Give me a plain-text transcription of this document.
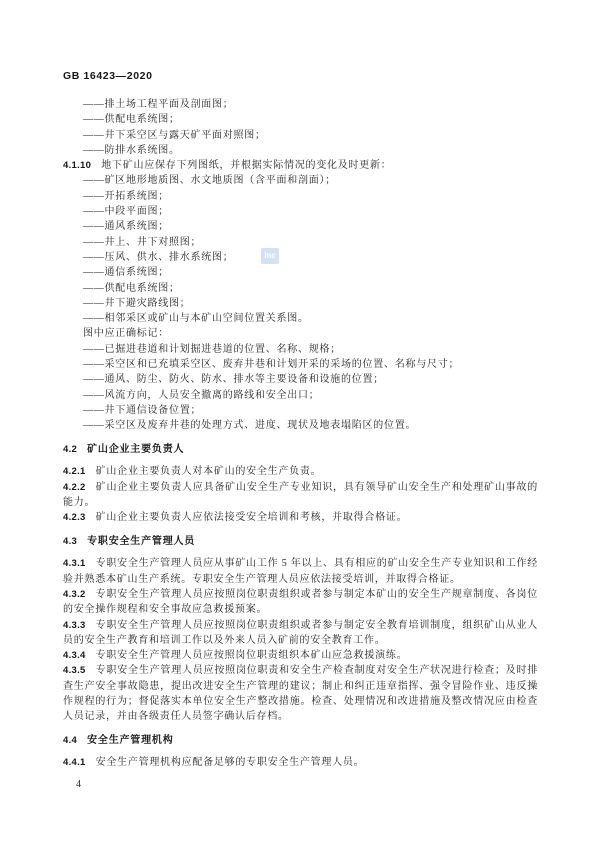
GB 16423—2020

——排土场工程平面及剖面图；

——供配电系统图；

——井下采空区与露天矿平面对照图；

——防排水系统图。

4.1.10 地下矿山应保存下列图纸，并根据实际情况的变化及时更新：

——矿区地形地质图、水文地质图（含平面和剖面）；

——开拓系统图；

——中段平面图；

——通风系统图；

——井上、井下对照图；

——压风、供水、排水系统图；

——通信系统图；

——供配电系统图；

——井下避灾路线图；

——相邻采区或矿山与本矿山空间位置关系图。

图中应正确标记：

——已掘进巷道和计划掘进巷道的位置、名称、规格；

——采空区和已充填采空区、废弃井巷和计划开采的采场的位置、名称与尺寸；

——通风、防尘、防火、防水、排水等主要设备和设施的位置；

——风流方向，人员安全撤离的路线和安全出口；

——井下通信设备位置；

——采空区及废弃井巷的处理方式、进度、现状及地表塌陷区的位置。

4.2 矿山企业主要负责人

4.2.1 矿山企业主要负责人对本矿山的安全生产负责。

4.2.2 矿山企业主要负责人应具备矿山安全生产专业知识，具有领导矿山安全生产和处理矿山事故的能力。

4.2.3 矿山企业主要负责人应依法接受安全培训和考核，并取得合格证。

4.3 专职安全生产管理人员

4.3.1 专职安全生产管理人员应从事矿山工作 5 年以上、具有相应的矿山安全生产专业知识和工作经验并熟悉本矿山生产系统。专职安全生产管理人员应依法接受培训，并取得合格证。

4.3.2 专职安全生产管理人员应按照岗位职责组织或者参与制定本矿山的安全生产规章制度、各岗位的安全操作规程和安全事故应急救援预案。

4.3.3 专职安全生产管理人员应按照岗位职责组织或者参与制定安全教育培训制度，组织矿山从业人员的安全生产教育和培训工作以及外来人员入矿前的安全教育工作。

4.3.4 专职安全生产管理人员应按照岗位职责组织本矿山应急救援演练。

4.3.5 专职安全生产管理人员应按照岗位职责和安全生产检查制度对安全生产状况进行检查；及时排查生产安全事故隐患，提出改进安全生产管理的建议；制止和纠正违章指挥、强令冒险作业、违反操作规程的行为；督促落实本单位安全生产整改措施。检查、处理情况和改进措施及整改情况应由检查人员记录，并由各级责任人员签字确认后存档。

4.4 安全生产管理机构

4.4.1 安全生产管理机构应配备足够的专职安全生产管理人员。

inc
4
